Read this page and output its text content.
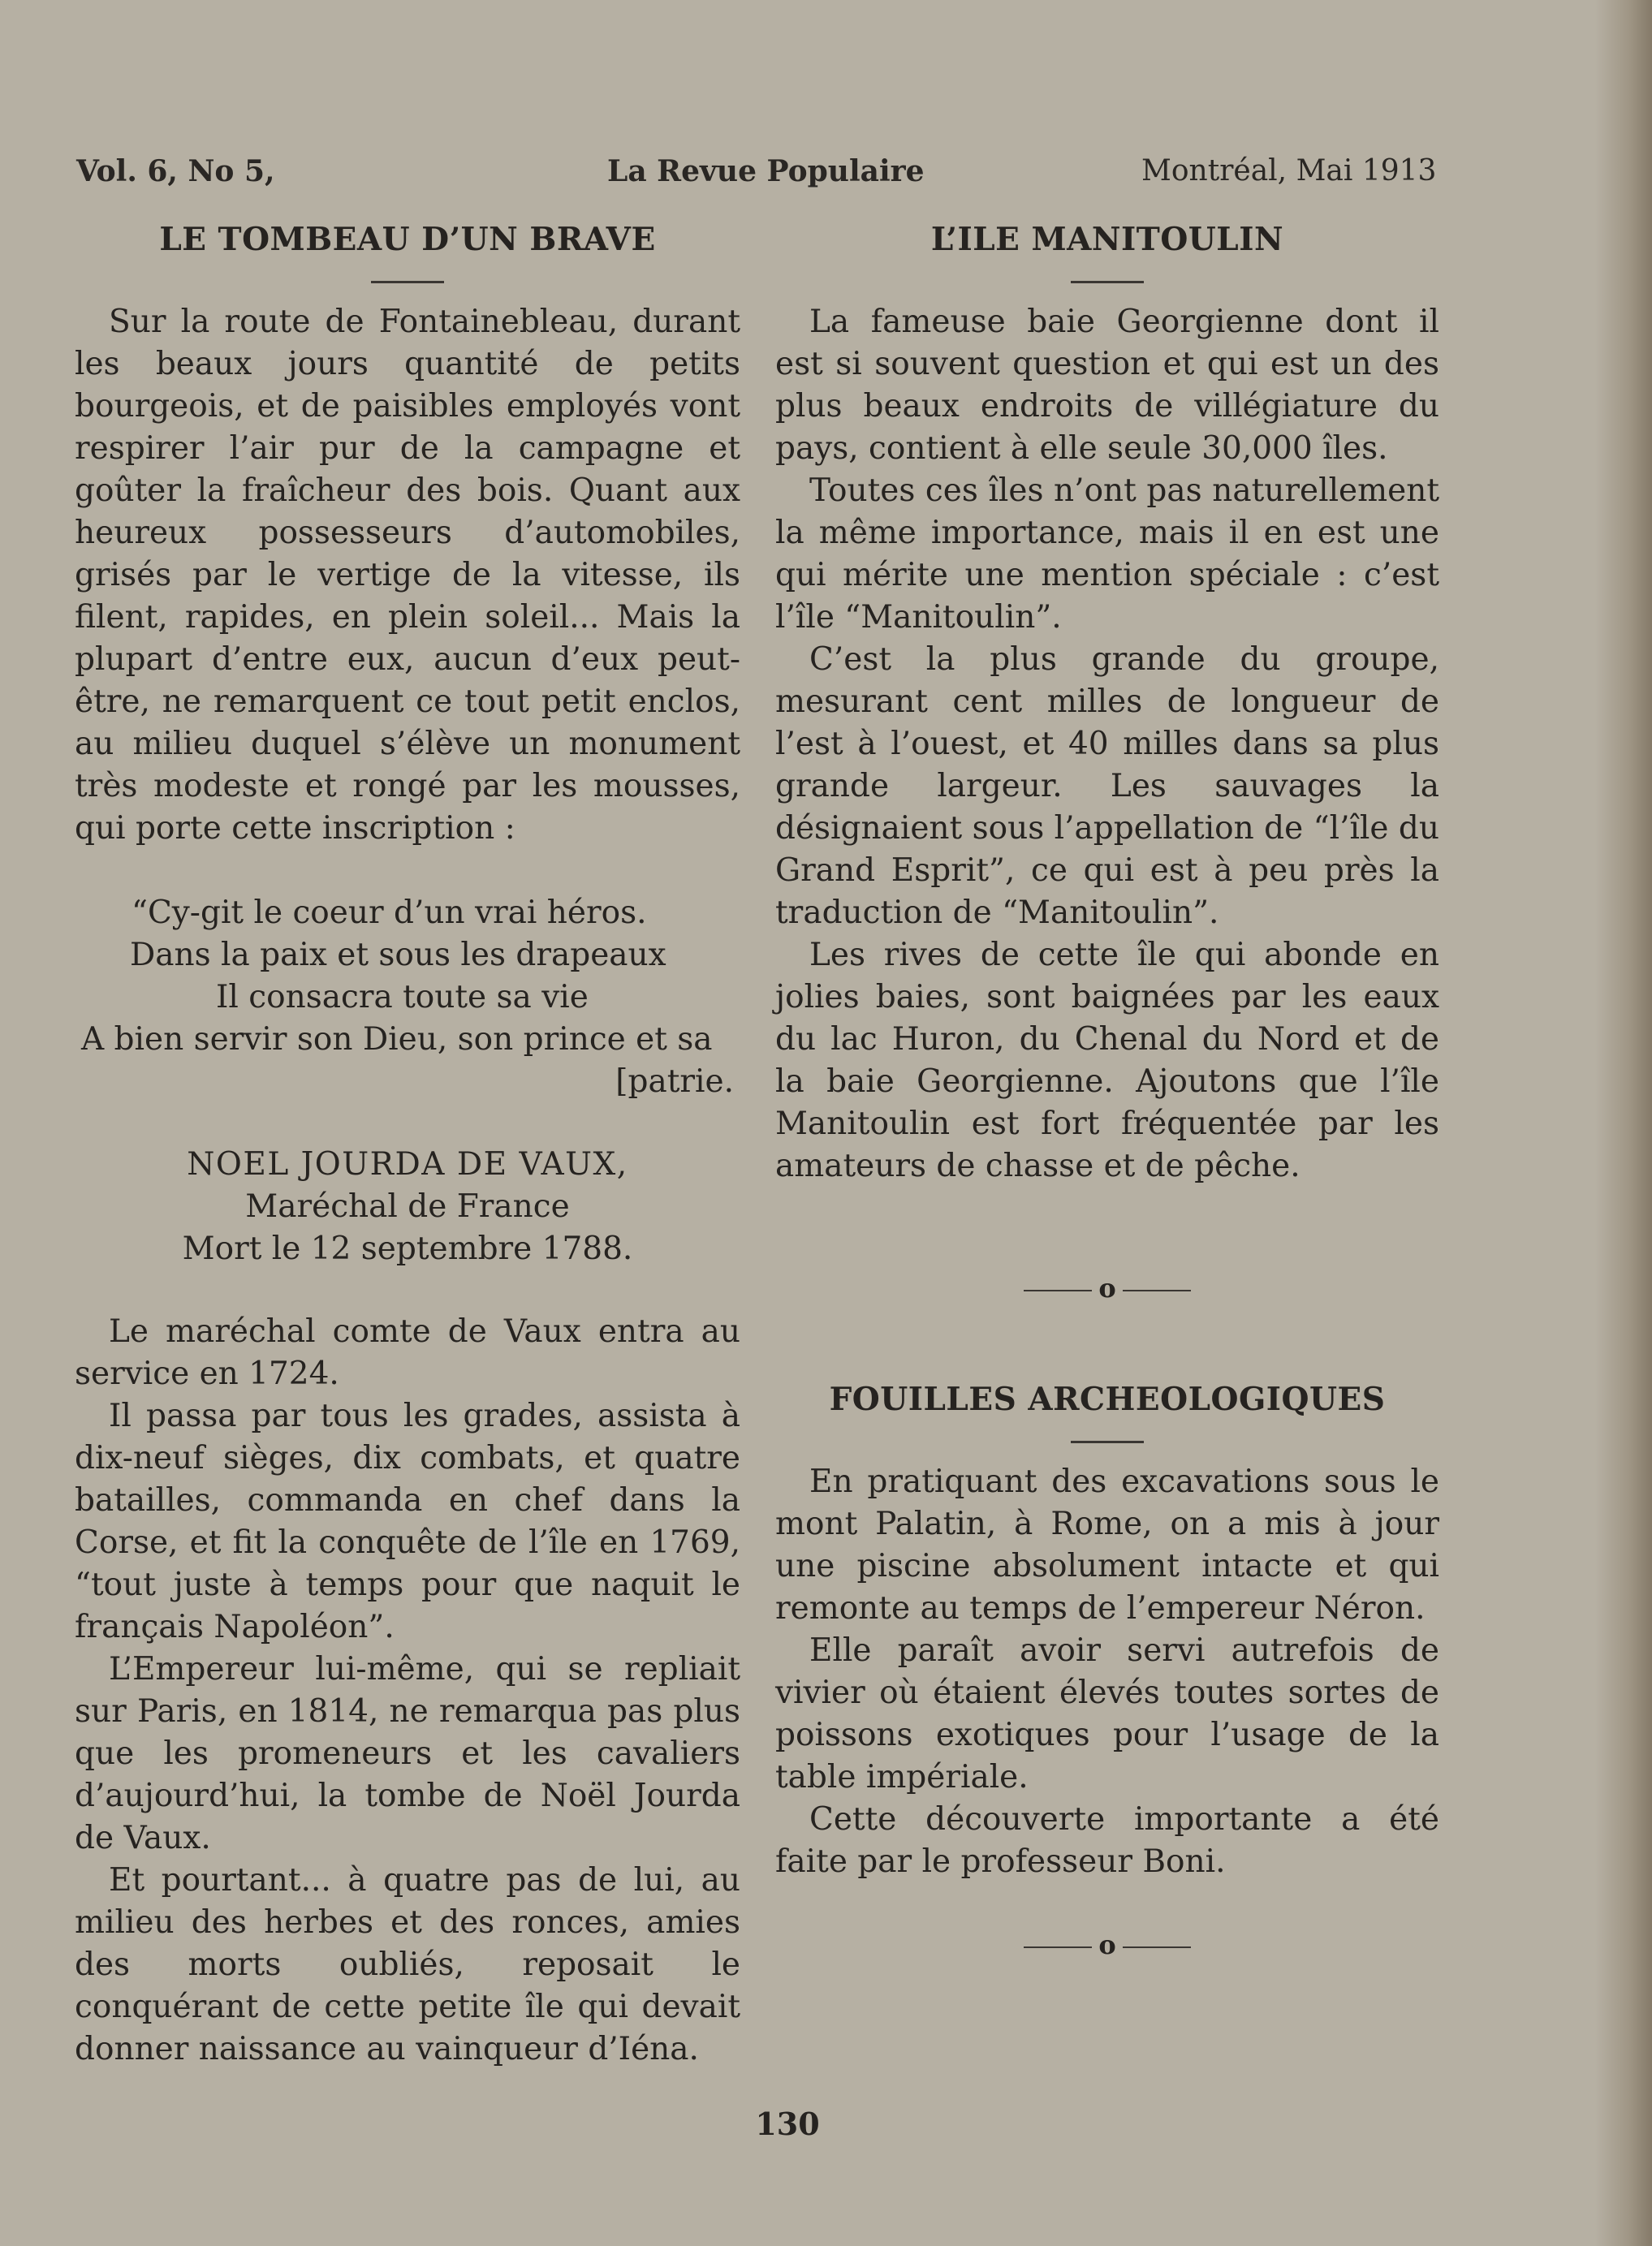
Vol. 6, No 5,	La Revue Populaire	Montréal, Mai 1913
LE TOMBEAU D’UN BRAVE

Sur la route de Fontainebleau, durant les beaux jours quantité de petits bourgeois, et de paisibles employés vont respirer l’air pur de la campagne et goûter la fraîcheur des bois. Quant aux heureux possesseurs d’automobiles, grisés par le vertige de la vitesse, ils filent, rapides, en plein soleil... Mais la plupart d’entre eux, aucun d’eux peut-être, ne remarquent ce tout petit enclos, au milieu duquel s’élève un monument très modeste et rongé par les mousses, qui porte cette inscription :

“Cy-git le coeur d’un vrai héros.
Dans la paix et sous les drapeaux
Il consacra toute sa vie
A bien servir son Dieu, son prince et sa
[patrie.
NOEL JOURDA DE VAUX,
Maréchal de France
Mort le 12 septembre 1788.

Le maréchal comte de Vaux entra au service en 1724.

Il passa par tous les grades, assista à dix-neuf sièges, dix combats, et quatre batailles, commanda en chef dans la Corse, et fit la conquête de l’île en 1769, “tout juste à temps pour que naquit le français Napoléon”.

L’Empereur lui-même, qui se repliait sur Paris, en 1814, ne remarqua pas plus que les promeneurs et les cavaliers d’aujourd’hui, la tombe de Noël Jourda de Vaux.

Et pourtant... à quatre pas de lui, au milieu des herbes et des ronces, amies des morts oubliés, reposait le conquérant de cette petite île qui devait donner naissance au vainqueur d’Iéna.

L’ILE MANITOULIN

La fameuse baie Georgienne dont il est si souvent question et qui est un des plus beaux endroits de villégiature du pays, contient à elle seule 30,000 îles.

Toutes ces îles n’ont pas naturellement la même importance, mais il en est une qui mérite une mention spéciale : c’est l’île “Manitoulin”.

C’est la plus grande du groupe, mesurant cent milles de longueur de l’est à l’ouest, et 40 milles dans sa plus grande largeur. Les sauvages la désignaient sous l’appellation de “l’île du Grand Esprit”, ce qui est à peu près la traduction de “Manitoulin”.

Les rives de cette île qui abonde en jolies baies, sont baignées par les eaux du lac Huron, du Chenal du Nord et de la baie Georgienne. Ajoutons que l’île Manitoulin est fort fréquentée par les amateurs de chasse et de pêche.

o
FOUILLES ARCHEOLOGIQUES

En pratiquant des excavations sous le mont Palatin, à Rome, on a mis à jour une piscine absolument intacte et qui remonte au temps de l’empereur Néron.

Elle paraît avoir servi autrefois de vivier où étaient élevés toutes sortes de poissons exotiques pour l’usage de la table impériale.

Cette découverte importante a été faite par le professeur Boni.

o
130
